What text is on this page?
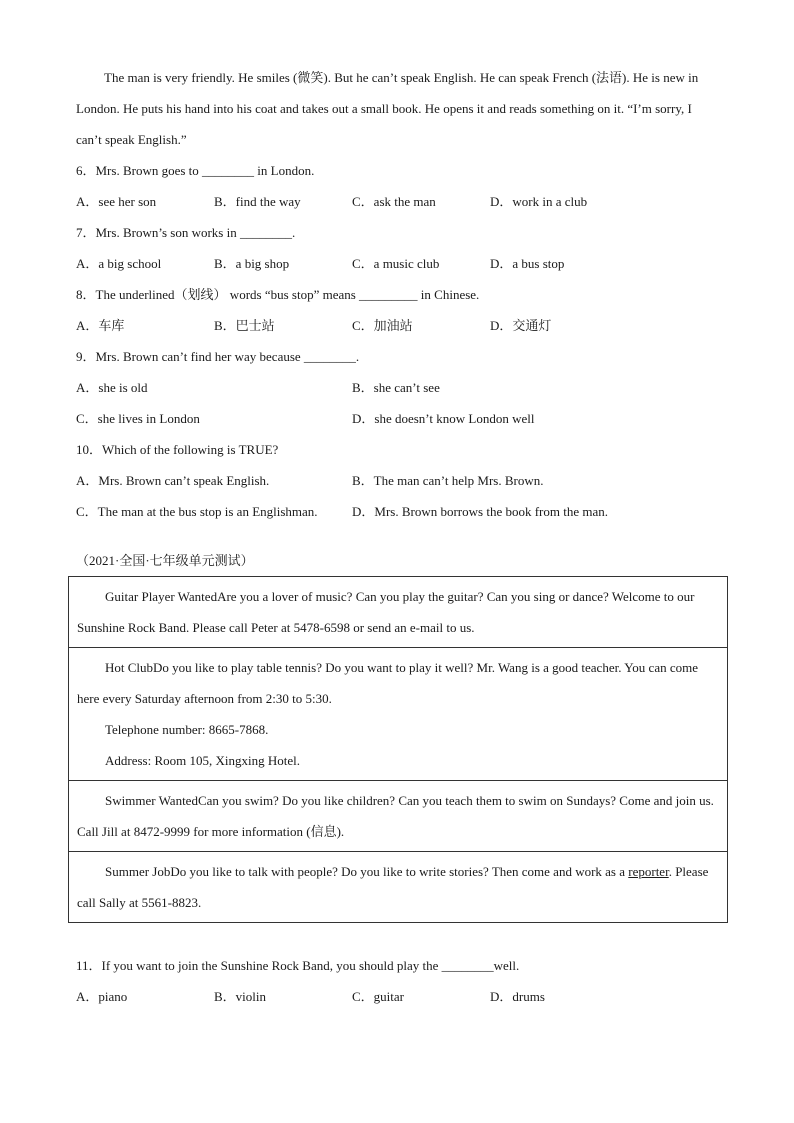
The man is very friendly. He smiles (微笑). But he can’t speak English. He can speak French (法语). He is new in London. He puts his hand into his coat and takes out a small book. He opens it and reads something on it. “I’m sorry, I can’t speak English.”
6．Mrs. Brown goes to ________ in London.
A．see her son	B．find the way	C．ask the man	D．work in a club
7．Mrs. Brown’s son works in ________.
A．a big school	B．a big shop	C．a music club	D．a bus stop
8．The underlined（划线） words “bus stop” means _________ in Chinese.
A．车库	B．巴士站	C．加油站	D．交通灯
9．Mrs. Brown can’t find her way because ________.
A．she is old	B．she can’t see
C．she lives in London	D．she doesn’t know London well
10．Which of the following is TRUE?
A．Mrs. Brown can’t speak English.	B．The man can’t help Mrs. Brown.
C．The man at the bus stop is an Englishman.	D．Mrs. Brown borrows the book from the man.
（2021·全国·七年级单元测试）
Guitar Player WantedAre you a lover of music? Can you play the guitar? Can you sing or dance? Welcome to our Sunshine Rock Band. Please call Peter at 5478-6598 or send an e-mail to us.
Hot ClubDo you like to play table tennis? Do you want to play it well? Mr. Wang is a good teacher. You can come here every Saturday afternoon from 2:30 to 5:30.
Telephone number: 8665-7868.
Address: Room 105, Xingxing Hotel.
Swimmer WantedCan you swim? Do you like children? Can you teach them to swim on Sundays? Come and join us. Call Jill at 8472-9999 for more information (信息).
Summer JobDo you like to talk with people? Do you like to write stories? Then come and work as a reporter. Please call Sally at 5561-8823.
11．If you want to join the Sunshine Rock Band, you should play the ________well.
A．piano	B．violin	C．guitar	D．drums
